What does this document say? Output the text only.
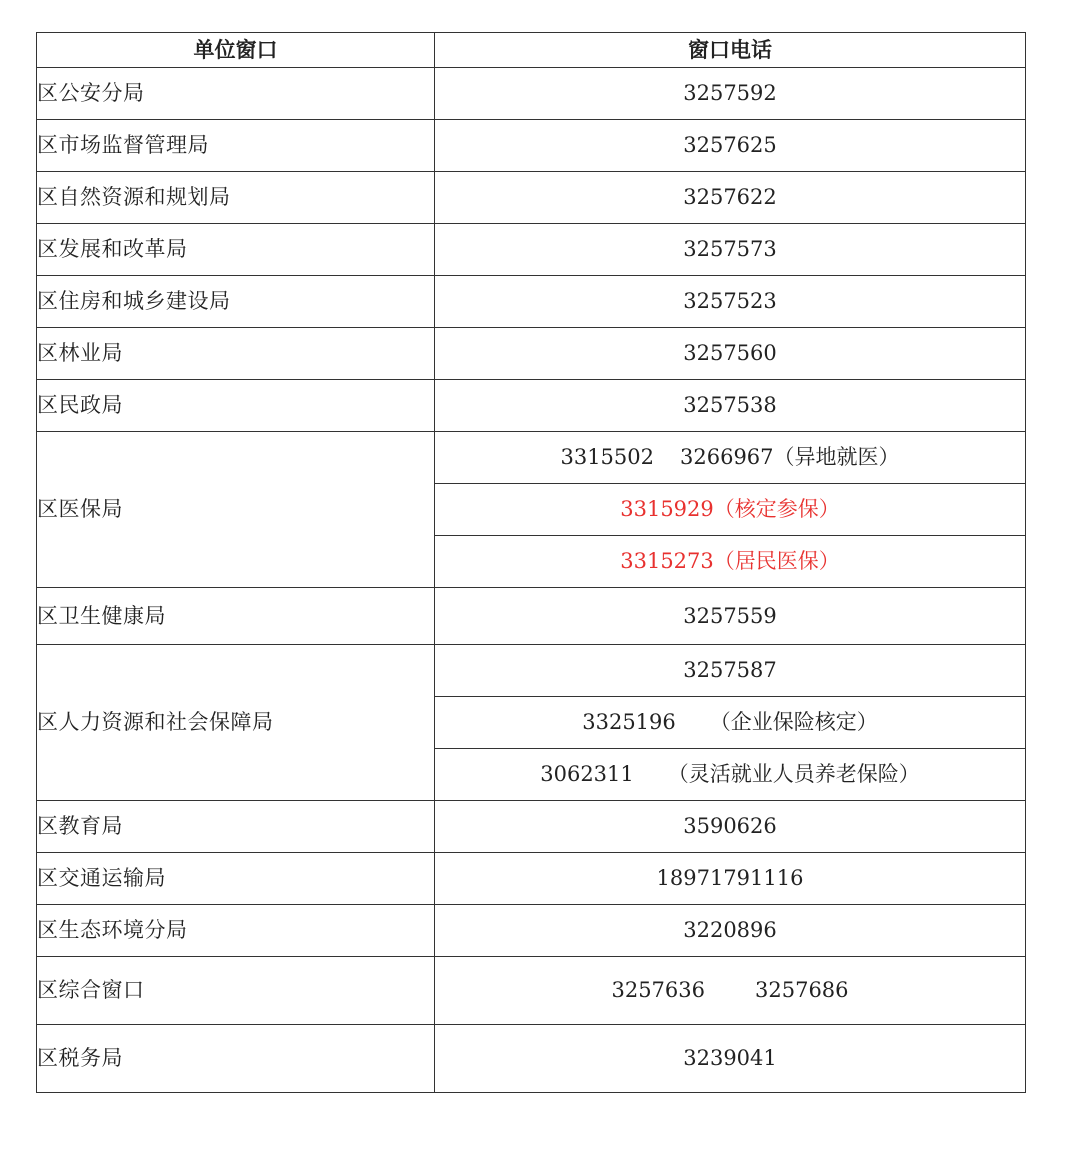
单位窗口	窗口电话
区公安分局	3257592
区市场监督管理局	3257625
区自然资源和规划局	3257622
区发展和改革局	3257573
区住房和城乡建设局	3257523
区林业局	3257560
区民政局	3257538
区医保局	3315502 3266967（异地就医）
	3315929（核定参保）
	3315273（居民医保）
区卫生健康局	3257559
区人力资源和社会保障局	3257587
	3325196 （企业保险核定）
	3062311 （灵活就业人员养老保险）
区教育局	3590626
区交通运输局	18971791116
区生态环境分局	3220896
区综合窗口	3257636 3257686
区税务局	3239041
